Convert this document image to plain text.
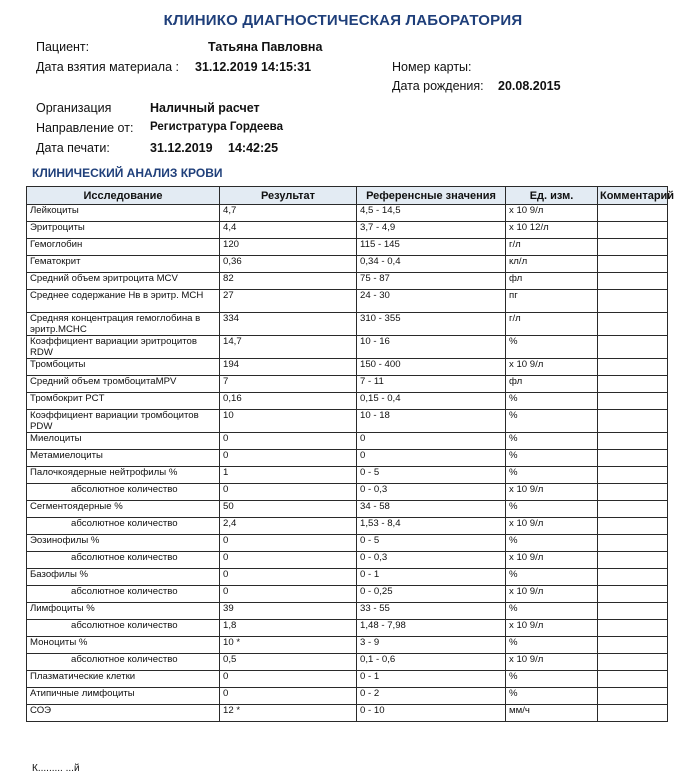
КЛИНИКО ДИАГНОСТИЧЕСКАЯ ЛАБОРАТОРИЯ
Пациент:	Татьяна Павловна
Дата взятия материала : 31.12.2019 14:15:31	Номер карты:
Дата рождения: 20.08.2015
Организация	Наличный расчет
Направление от: Регистратура Гордеева
Дата печати:	31.12.2019 14:42:25
КЛИНИЧЕСКИЙ АНАЛИЗ КРОВИ
Исследование	Результат	Референсные значения	Ед. изм.	Комментарий
Лейкоциты	4,7	4,5 - 14,5	х 10 9/л	
Эритроциты	4,4	3,7 - 4,9	х 10 12/л	
Гемоглобин	120	115 - 145	г/л	
Гематокрит	0,36	0,34 - 0,4	кл/л	
Средний объем эритроцита MCV	82	75 - 87	фл	
Среднее содержание Нв в эритр. МСН	27	24 - 30	пг	
Средняя концентрация гемоглобина в эритр.МСНС	334	310 - 355	г/л	
Коэффициент вариации эритроцитов RDW	14,7	10 - 16	%	
Тромбоциты	194	150 - 400	х 10 9/л	
Средний объем тромбоцитаMPV	7	7 - 11	фл	
Тромбокрит PCT	0,16	0,15 - 0,4	%	
Коэффициент вариации тромбоцитов PDW	10	10 - 18	%	
Миелоциты	0	0	%	
Метамиелоциты	0	0	%	
Палочкоядерные нейтрофилы %	1	0 - 5	%	
абсолютное количество	0	0 - 0,3	х 10 9/л	
Сегментоядерные %	50	34 - 58	%	
абсолютное количество	2,4	1,53 - 8,4	х 10 9/л	
Эозинофилы %	0	0 - 5	%	
абсолютное количество	0	0 - 0,3	х 10 9/л	
Базофилы %	0	0 - 1	%	
абсолютное количество	0	0 - 0,25	х 10 9/л	
Лимфоциты %	39	33 - 55	%	
абсолютное количество	1,8	1,48 - 7,98	х 10 9/л	
Моноциты %	10 *	3 - 9	%	
абсолютное количество	0,5	0,1 - 0,6	х 10 9/л	
Плазматические клетки	0	0 - 1	%	
Атипичные лимфоциты	0	0 - 2	%	
СОЭ	12 *	0 - 10	мм/ч	
К......... ...й
